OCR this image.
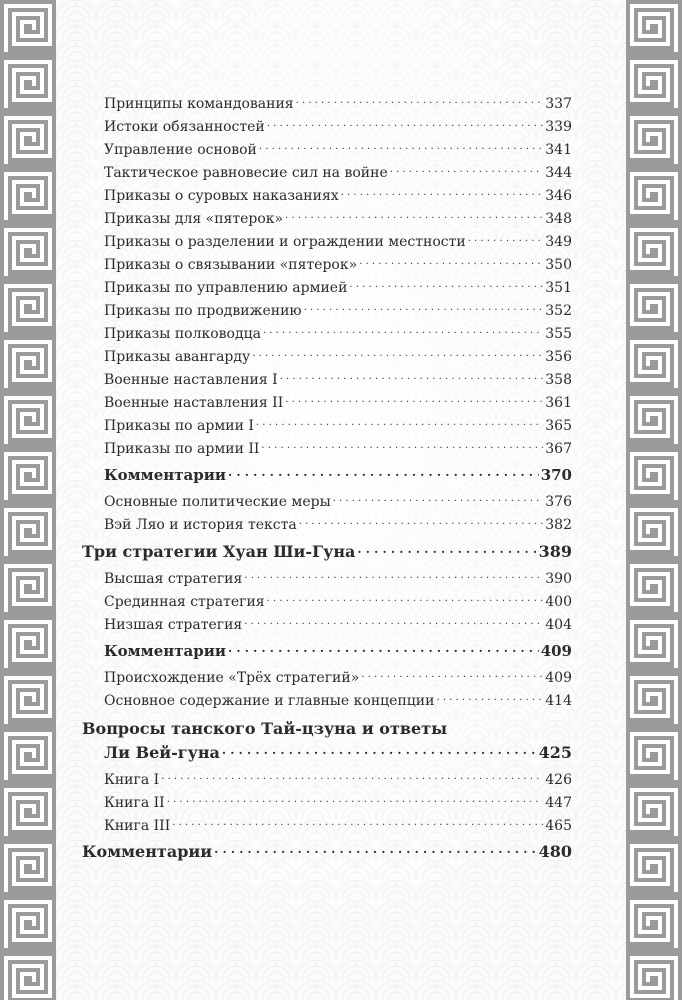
Принципы командования . . .	337
Истоки обязанностей . . .	339
Управление основой . . .	341
Тактическое равновесие сил на войне . . .	344
Приказы о суровых наказаниях . . .	346
Приказы для «пятерок» . . .	348
Приказы о разделении и ограждении местности . . .	349
Приказы о связывании «пятерок» . . .	350
Приказы по управлению армией . . .	351
Приказы по продвижению . . .	352
Приказы полководца . . .	355
Приказы авангарду . . .	356
Военные наставления I . . .	358
Военные наставления II . . .	361
Приказы по армии I . . .	365
Приказы по армии II . . .	367
Комментарии . . .	370
Основные политические меры . . .	376
Вэй Ляо и история текста . . .	382
Три стратегии Хуан Ши-Гуна . . .	389
Высшая стратегия . . .	390
Срединная стратегия . . .	400
Низшая стратегия . . .	404
Комментарии . . .	409
Происхождение «Трёх стратегий» . . .	409
Основное содержание и главные концепции . . .	414
Вопросы танского Тай-цзуна и ответы
Ли Вей-гуна . . .	425
Книга I . . .	426
Книга II . . .	447
Книга III . . .	465
Комментарии . . .	480
